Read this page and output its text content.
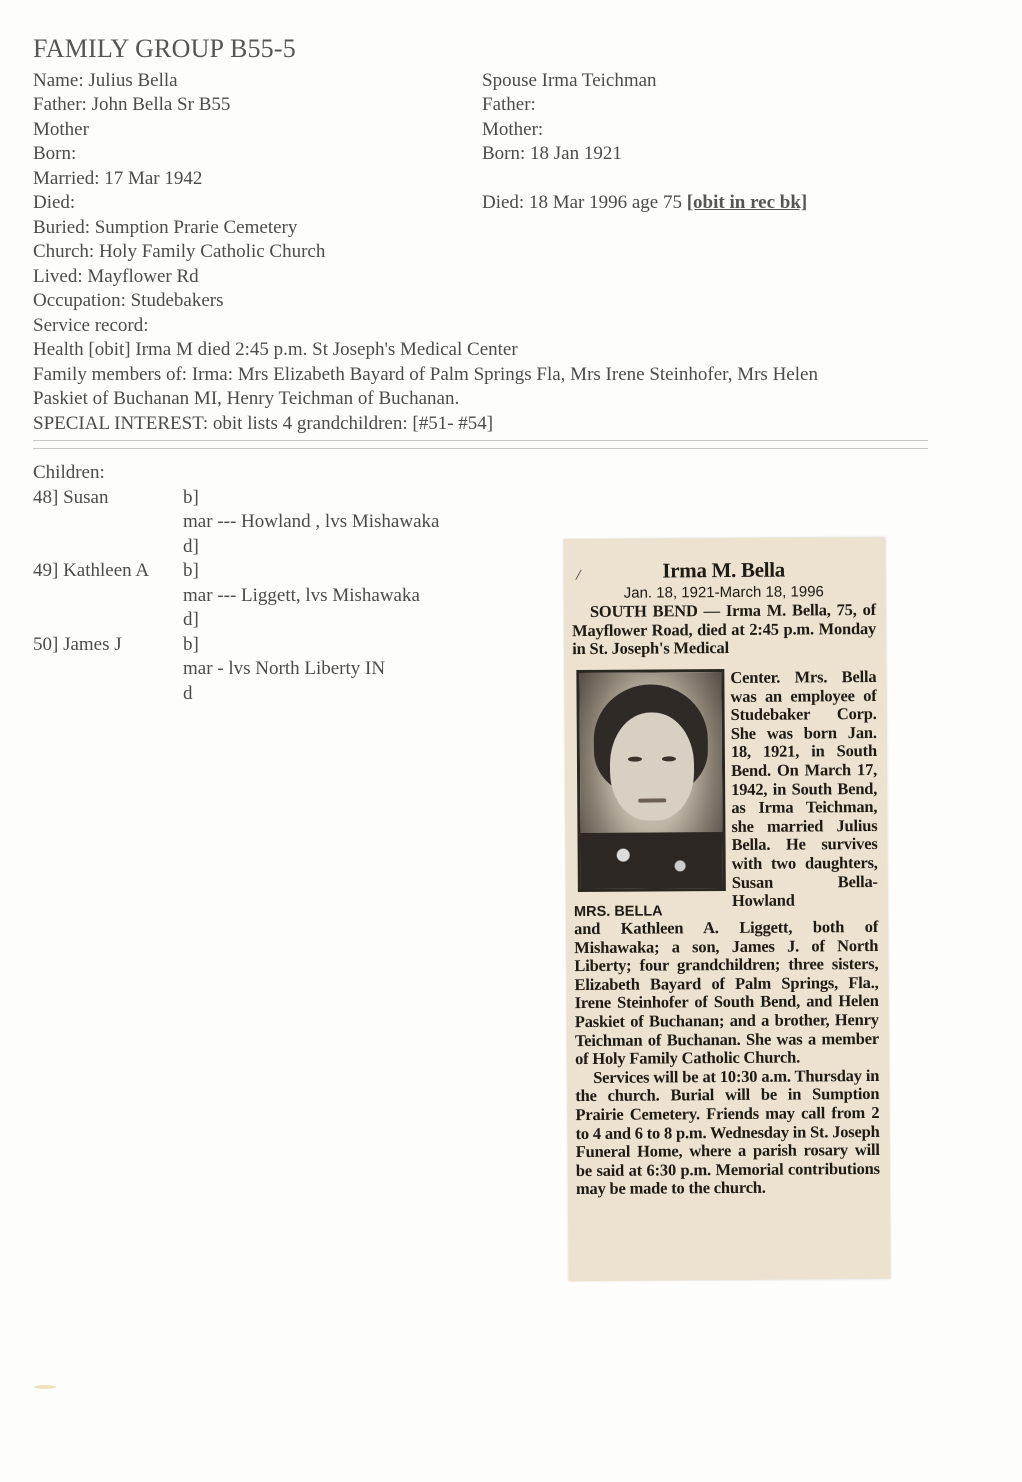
FAMILY GROUP B55-5
Name: Julius Bella
Father: John Bella Sr B55
Mother
Born:
Married: 17 Mar 1942
Died:
Buried: Sumption Prarie Cemetery
Church: Holy Family Catholic Church
Lived: Mayflower Rd
Occupation: Studebakers
Service record:
Spouse Irma Teichman
Father:
Mother:
Born: 18 Jan 1921
Died: 18 Mar 1996 age 75 [obit in rec bk]
Health [obit] Irma M died 2:45 p.m. St Joseph's Medical Center
Family members of: Irma: Mrs Elizabeth Bayard of Palm Springs Fla, Mrs Irene Steinhofer, Mrs Helen
Paskiet of Buchanan MI, Henry Teichman of Buchanan.
SPECIAL INTEREST: obit lists 4 grandchildren: [#51- #54]
Children:
48] Susan	b]
mar --- Howland , lvs Mishawaka
d]
49] Kathleen A b]
mar --- Liggett, lvs Mishawaka
d]
50] James J	b]
mar - lvs North Liberty IN
d
Irma M. Bella
Jan. 18, 1921-March 18, 1996
SOUTH BEND — Irma M. Bella, 75, of Mayflower Road, died at 2:45 p.m. Monday in St. Joseph's Medical
Center. Mrs. Bella was an employee of Studebaker Corp. She was born Jan. 18, 1921, in South Bend. On March 17, 1942, in South Bend, as Irma Teichman, she married Julius Bella. He survives with two daughters, Susan Bella-Howland
MRS. BELLA
and Kathleen A. Liggett, both of Mishawaka; a son, James J. of North Liberty; four grandchildren; three sisters, Elizabeth Bayard of Palm Springs, Fla., Irene Steinhofer of South Bend, and Helen Paskiet of Buchanan; and a brother, Henry Teichman of Buchanan. She was a member of Holy Family Catholic Church.
Services will be at 10:30 a.m. Thursday in the church. Burial will be in Sumption Prairie Cemetery. Friends may call from 2 to 4 and 6 to 8 p.m. Wednesday in St. Joseph Funeral Home, where a parish rosary will be said at 6:30 p.m. Memorial contributions may be made to the church.
/
